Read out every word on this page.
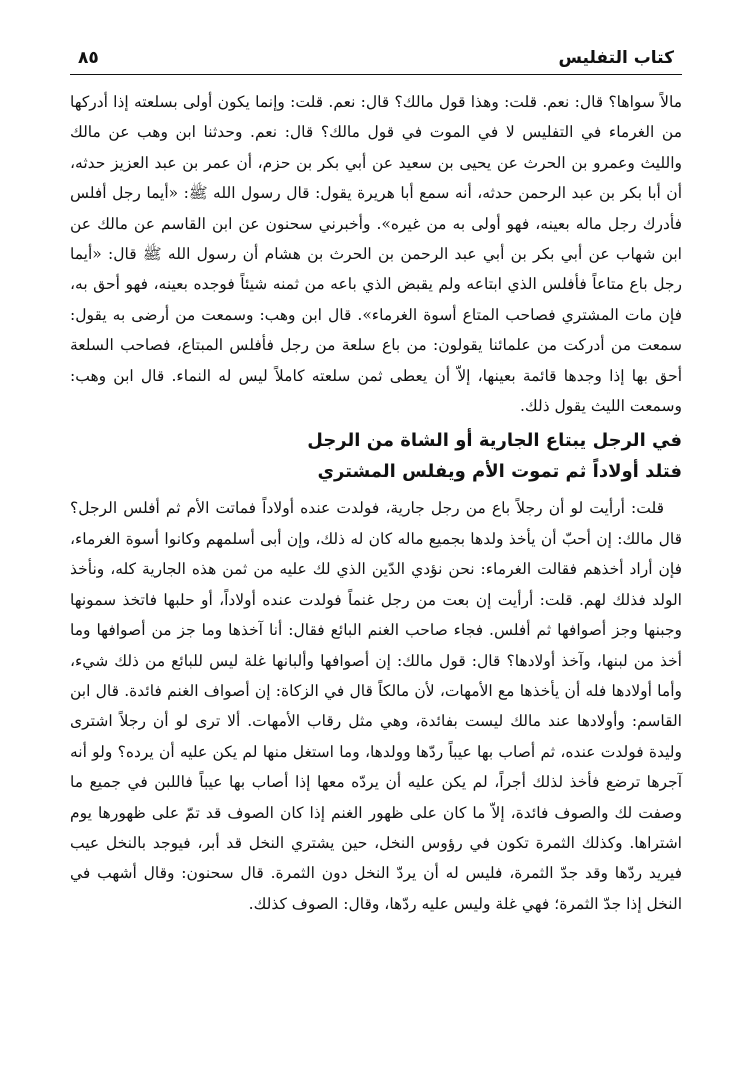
كتاب التفليس
٨٥

مالاً سواها؟ قال: نعم. قلت: وهذا قول مالك؟ قال: نعم. قلت: وإنما يكون أولى بسلعته إذا أدركها من الغرماء في التفليس لا في الموت في قول مالك؟ قال: نعم. وحدثنا ابن وهب عن مالك والليث وعمرو بن الحرث عن يحيى بن سعيد عن أبي بكر بن حزم، أن عمر بن عبد العزيز حدثه، أن أبا بكر بن عبد الرحمن حدثه، أنه سمع أبا هريرة يقول: قال رسول الله ﷺ: «أيما رجل أفلس فأدرك رجل ماله بعينه، فهو أولى به من غيره». وأخبرني سحنون عن ابن القاسم عن مالك عن ابن شهاب عن أبي بكر بن أبي عبد الرحمن بن الحرث بن هشام أن رسول الله ﷺ قال: «أيما رجل باع متاعاً فأفلس الذي ابتاعه ولم يقبض الذي باعه من ثمنه شيئاً فوجده بعينه، فهو أحق به، فإن مات المشتري فصاحب المتاع أسوة الغرماء». قال ابن وهب: وسمعت من أرضى به يقول: سمعت من أدركت من علمائنا يقولون: من باع سلعة من رجل فأفلس المبتاع، فصاحب السلعة أحق بها إذا وجدها قائمة بعينها، إلاّ أن يعطى ثمن سلعته كاملاً ليس له النماء. قال ابن وهب: وسمعت الليث يقول ذلك.

في الرجل يبتاع الجارية أو الشاة من الرجل
فتلد أولاداً ثم تموت الأم ويفلس المشتري

قلت: أرأيت لو أن رجلاً باع من رجل جارية، فولدت عنده أولاداً فماتت الأم ثم أفلس الرجل؟ قال مالك: إن أحبّ أن يأخذ ولدها بجميع ماله كان له ذلك، وإن أبى أسلمهم وكانوا أسوة الغرماء، فإن أراد أخذهم فقالت الغرماء: نحن نؤدي الدّين الذي لك عليه من ثمن هذه الجارية كله، ونأخذ الولد فذلك لهم. قلت: أرأيت إن بعت من رجل غنماً فولدت عنده أولاداً، أو حلبها فاتخذ سمونها وجبنها وجز أصوافها ثم أفلس. فجاء صاحب الغنم البائع فقال: أنا آخذها وما جز من أصوافها وما أخذ من لبنها، وآخذ أولادها؟ قال: قول مالك: إن أصوافها وألبانها غلة ليس للبائع من ذلك شيء، وأما أولادها فله أن يأخذها مع الأمهات، لأن مالكاً قال في الزكاة: إن أصواف الغنم فائدة. قال ابن القاسم: وأولادها عند مالك ليست بفائدة، وهي مثل رقاب الأمهات. ألا ترى لو أن رجلاً اشترى وليدة فولدت عنده، ثم أصاب بها عيباً ردّها وولدها، وما استغل منها لم يكن عليه أن يرده؟ ولو أنه آجرها ترضع فأخذ لذلك أجراً، لم يكن عليه أن يردّه معها إذا أصاب بها عيباً فاللبن في جميع ما وصفت لك والصوف فائدة، إلاّ ما كان على ظهور الغنم إذا كان الصوف قد تمّ على ظهورها يوم اشتراها. وكذلك الثمرة تكون في رؤوس النخل، حين يشتري النخل قد أبر، فيوجد بالنخل عيب فيريد ردّها وقد جدّ الثمرة، فليس له أن يردّ النخل دون الثمرة. قال سحنون: وقال أشهب في النخل إذا جدّ الثمرة؛ فهي غلة وليس عليه ردّها، وقال: الصوف كذلك.
